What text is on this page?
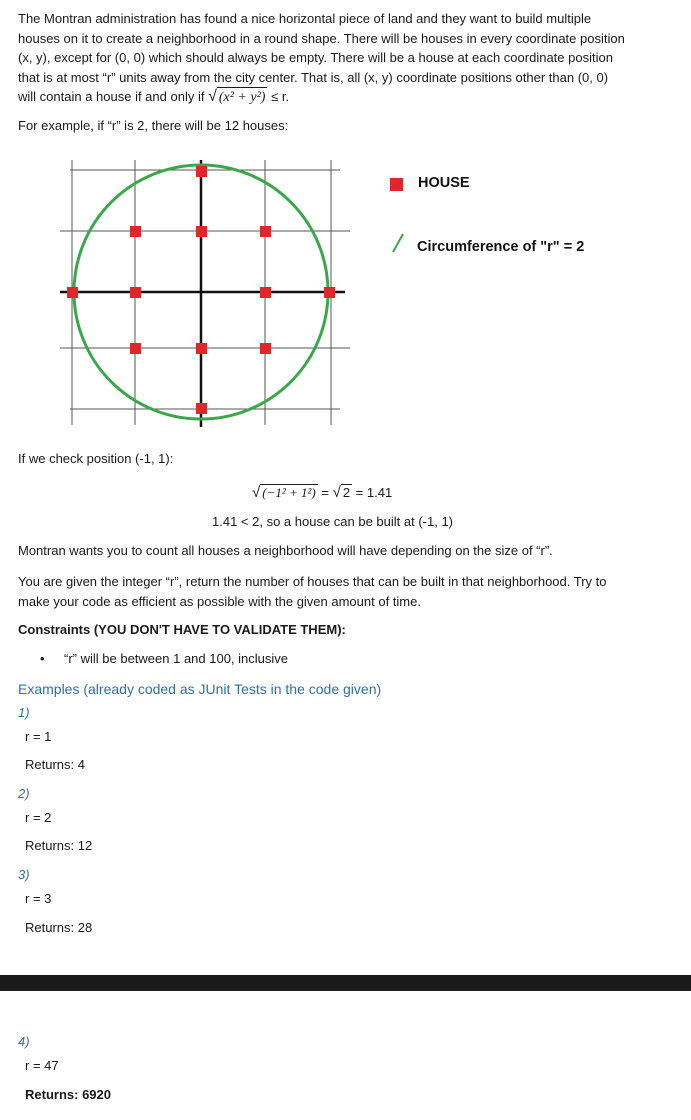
The Montran administration has found a nice horizontal piece of land and they want to build multiple
houses on it to create a neighborhood in a round shape. There will be houses in every coordinate position
(x, y), except for (0, 0) which should always be empty. There will be a house at each coordinate position
that is at most “r” units away from the city center. That is, all (x, y) coordinate positions other than (0, 0)
will contain a house if and only if √ (x² + y²) ≤ r.
For example, if “r” is 2, there will be 12 houses:
HOUSE
Circumference of "r" = 2
If we check position (-1, 1):
√ (−1² + 1²) = √ 2 = 1.41
1.41 < 2, so a house can be built at (-1, 1)
Montran wants you to count all houses a neighborhood will have depending on the size of “r”.
You are given the integer “r”, return the number of houses that can be built in that neighborhood. Try to
make your code as efficient as possible with the given amount of time.
Constraints (YOU DON'T HAVE TO VALIDATE THEM):
• “r” will be between 1 and 100, inclusive
Examples (already coded as JUnit Tests in the code given)
1)
r = 1
Returns: 4
2)
r = 2
Returns: 12
3)
r = 3
Returns: 28
4)
r = 47
Returns: 6920
